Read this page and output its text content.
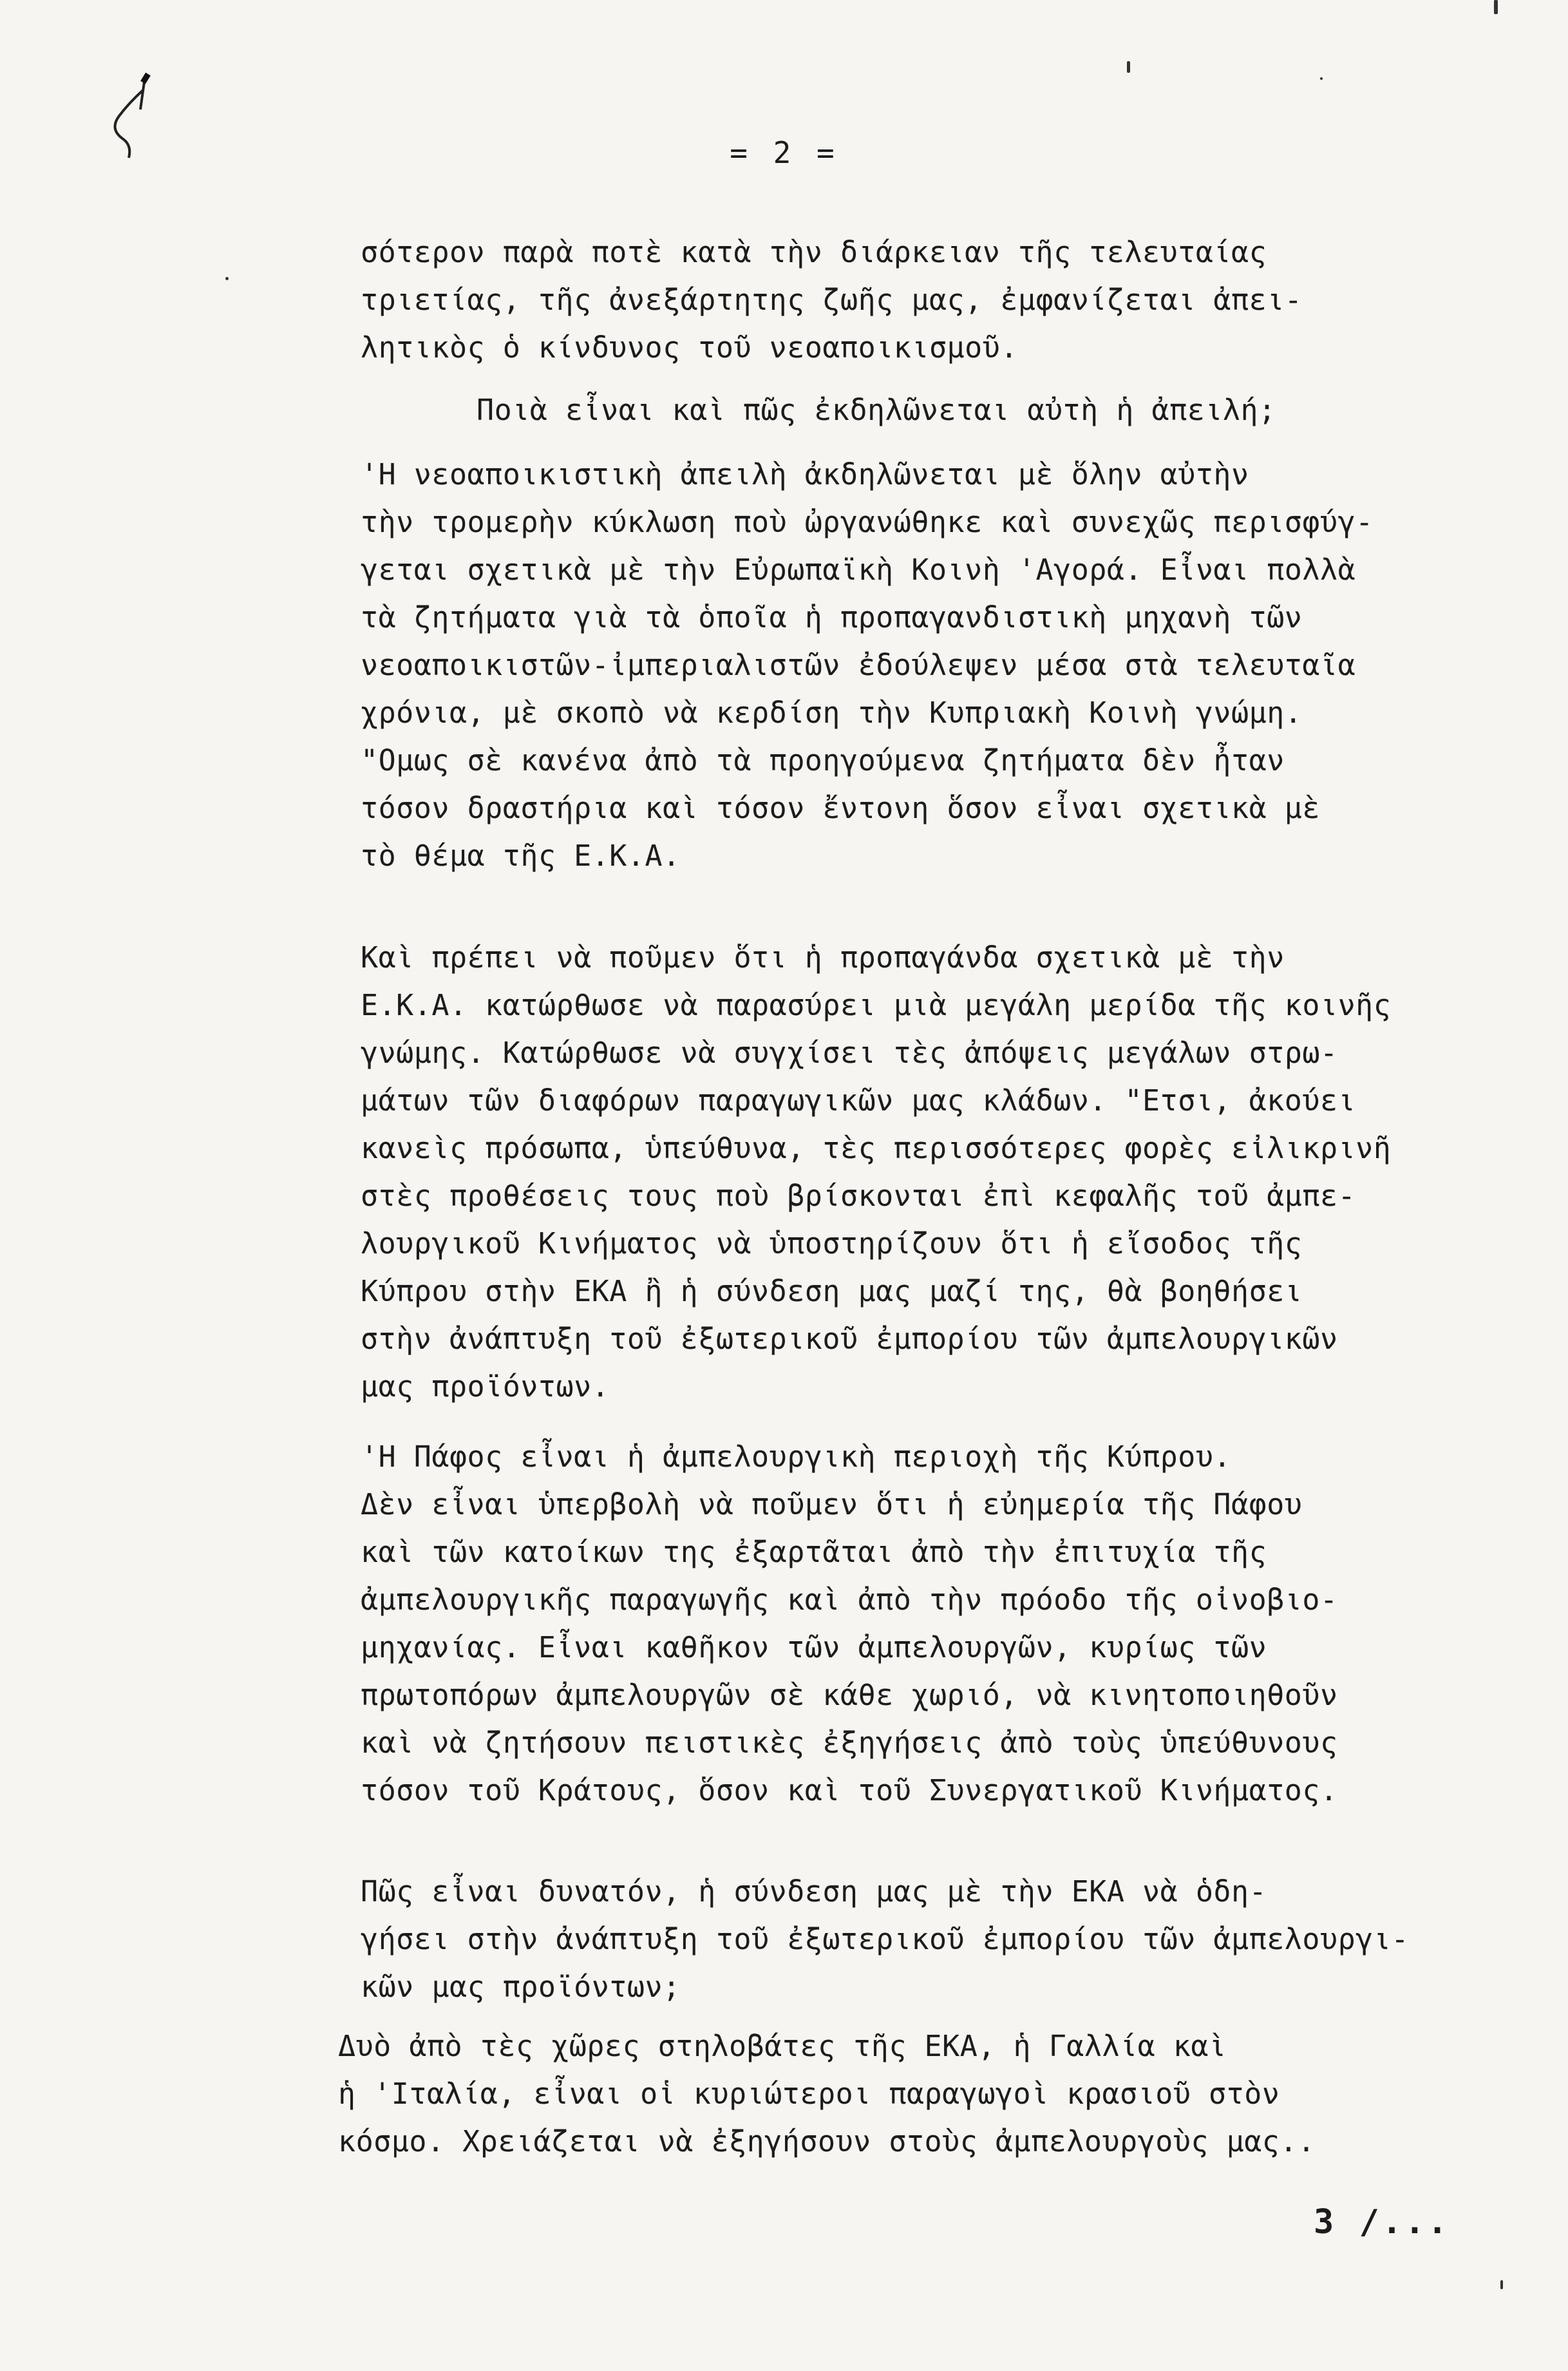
= 2 =
σότερον παρὰ ποτὲ κατὰ τὴν διάρκειαν τῆς τελευταίας
τριετίας, τῆς ἀνεξάρτητης ζωῆς μας, ἐμφανίζεται ἀπει-
λητικὸς ὁ κίνδυνος τοῦ νεοαποικισμοῦ.
Ποιὰ εἶναι καὶ πῶς ἐκδηλῶνεται αὐτὴ ἡ ἀπειλή;
'Η νεοαποικιστικὴ ἀπειλὴ ἀκδηλῶνεται μὲ ὅλην αὐτὴν
τὴν τρομερὴν κύκλωση ποὺ ὠργανώθηκε καὶ συνεχῶς περισφύγ-
γεται σχετικὰ μὲ τὴν Εὐρωπαϊκὴ Κοινὴ 'Αγορά. Εἶναι πολλὰ
τὰ ζητήματα γιὰ τὰ ὁποῖα ἡ προπαγανδιστικὴ μηχανὴ τῶν
νεοαποικιστῶν-ἰμπεριαλιστῶν ἐδούλεψεν μέσα στὰ τελευταῖα
χρόνια, μὲ σκοπὸ νὰ κερδίση τὴν Κυπριακὴ Κοινὴ γνώμη.
"Ομως σὲ κανένα ἀπὸ τὰ προηγούμενα ζητήματα δὲν ἦταν
τόσον δραστήρια καὶ τόσον ἔντονη ὅσον εἶναι σχετικὰ μὲ
τὸ θέμα τῆς Ε.Κ.Α.
Καὶ πρέπει νὰ ποῦμεν ὅτι ἡ προπαγάνδα σχετικὰ μὲ τὴν
Ε.Κ.Α. κατώρθωσε νὰ παρασύρει μιὰ μεγάλη μερίδα τῆς κοινῆς
γνώμης. Κατώρθωσε νὰ συγχίσει τὲς ἀπόψεις μεγάλων στρω-
μάτων τῶν διαφόρων παραγωγικῶν μας κλάδων. "Ετσι, ἀκούει
κανεὶς πρόσωπα, ὑπεύθυνα, τὲς περισσότερες φορὲς εἰλικρινῆ
στὲς προθέσεις τους ποὺ βρίσκονται ἐπὶ κεφαλῆς τοῦ ἀμπε-
λουργικοῦ Κινήματος νὰ ὑποστηρίζουν ὅτι ἡ εἴσοδος τῆς
Κύπρου στὴν ΕΚΑ ἢ ἡ σύνδεση μας μαζί της, θὰ βοηθήσει
στὴν ἀνάπτυξη τοῦ ἐξωτερικοῦ ἐμπορίου τῶν ἀμπελουργικῶν
μας προϊόντων.
'Η Πάφος εἶναι ἡ ἀμπελουργικὴ περιοχὴ τῆς Κύπρου.
Δὲν εἶναι ὑπερβολὴ νὰ ποῦμεν ὅτι ἡ εὐημερία τῆς Πάφου
καὶ τῶν κατοίκων της ἐξαρτᾶται ἀπὸ τὴν ἐπιτυχία τῆς
ἀμπελουργικῆς παραγωγῆς καὶ ἀπὸ τὴν πρόοδο τῆς οἰνοβιο-
μηχανίας. Εἶναι καθῆκον τῶν ἀμπελουργῶν, κυρίως τῶν
πρωτοπόρων ἀμπελουργῶν σὲ κάθε χωριό, νὰ κινητοποιηθοῦν
καὶ νὰ ζητήσουν πειστικὲς ἐξηγήσεις ἀπὸ τοὺς ὑπεύθυνους
τόσον τοῦ Κράτους, ὅσον καὶ τοῦ Συνεργατικοῦ Κινήματος.
Πῶς εἶναι δυνατόν, ἡ σύνδεση μας μὲ τὴν ΕΚΑ νὰ ὁδη-
γήσει στὴν ἀνάπτυξη τοῦ ἐξωτερικοῦ ἐμπορίου τῶν ἀμπελουργι-
κῶν μας προϊόντων;
Δυὸ ἀπὸ τὲς χῶρες στηλοβάτες τῆς ΕΚΑ, ἡ Γαλλία καὶ
ἡ 'Ιταλία, εἶναι οἱ κυριώτεροι παραγωγοὶ κρασιοῦ στὸν
κόσμο. Χρειάζεται νὰ ἐξηγήσουν στοὺς ἀμπελουργοὺς μας..
3 /...
